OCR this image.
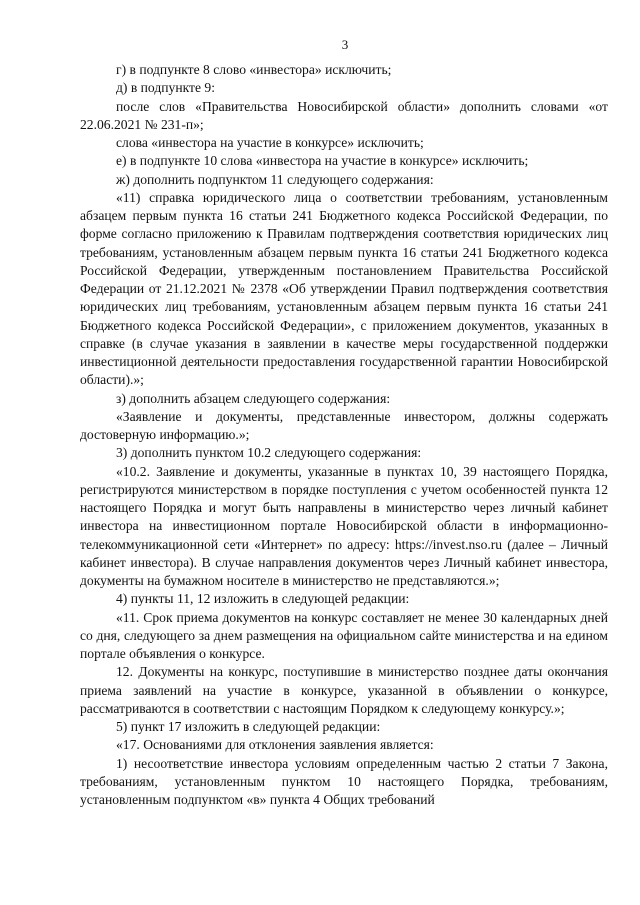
3

г) в подпункте 8 слово «инвестора» исключить;

д) в подпункте 9:

после слов «Правительства Новосибирской области» дополнить словами «от 22.06.2021 № 231-п»;

слова «инвестора на участие в конкурсе» исключить;

е) в подпункте 10 слова «инвестора на участие в конкурсе» исключить;

ж) дополнить подпунктом 11 следующего содержания:

«11) справка юридического лица о соответствии требованиям, установленным абзацем первым пункта 16 статьи 241 Бюджетного кодекса Российской Федерации, по форме согласно приложению к Правилам подтверждения соответствия юридических лиц требованиям, установленным абзацем первым пункта 16 статьи 241 Бюджетного кодекса Российской Федерации, утвержденным постановлением Правительства Российской Федерации от 21.12.2021 № 2378 «Об утверждении Правил подтверждения соответствия юридических лиц требованиям, установленным абзацем первым пункта 16 статьи 241 Бюджетного кодекса Российской Федерации», с приложением документов, указанных в справке (в случае указания в заявлении в качестве меры государственной поддержки инвестиционной деятельности предоставления государственной гарантии Новосибирской области).»;

з) дополнить абзацем следующего содержания:

«Заявление и документы, представленные инвестором, должны содержать достоверную информацию.»;

3) дополнить пунктом 10.2 следующего содержания:

«10.2. Заявление и документы, указанные в пунктах 10, 39 настоящего Порядка, регистрируются министерством в порядке поступления с учетом особенностей пункта 12 настоящего Порядка и могут быть направлены в министерство через личный кабинет инвестора на инвестиционном портале Новосибирской области в информационно-телекоммуникационной сети «Интернет» по адресу: https://invest.nso.ru (далее – Личный кабинет инвестора). В случае направления документов через Личный кабинет инвестора, документы на бумажном носителе в министерство не представляются.»;

4) пункты 11, 12 изложить в следующей редакции:

«11. Срок приема документов на конкурс составляет не менее 30 календарных дней со дня, следующего за днем размещения на официальном сайте министерства и на едином портале объявления о конкурсе.

12. Документы на конкурс, поступившие в министерство позднее даты окончания приема заявлений на участие в конкурсе, указанной в объявлении о конкурсе, рассматриваются в соответствии с настоящим Порядком к следующему конкурсу.»;

5) пункт 17 изложить в следующей редакции:

«17. Основаниями для отклонения заявления является:

1) несоответствие инвестора условиям определенным частью 2 статьи 7 Закона, требованиям, установленным пунктом 10 настоящего Порядка, требованиям, установленным подпунктом «в» пункта 4 Общих требований
